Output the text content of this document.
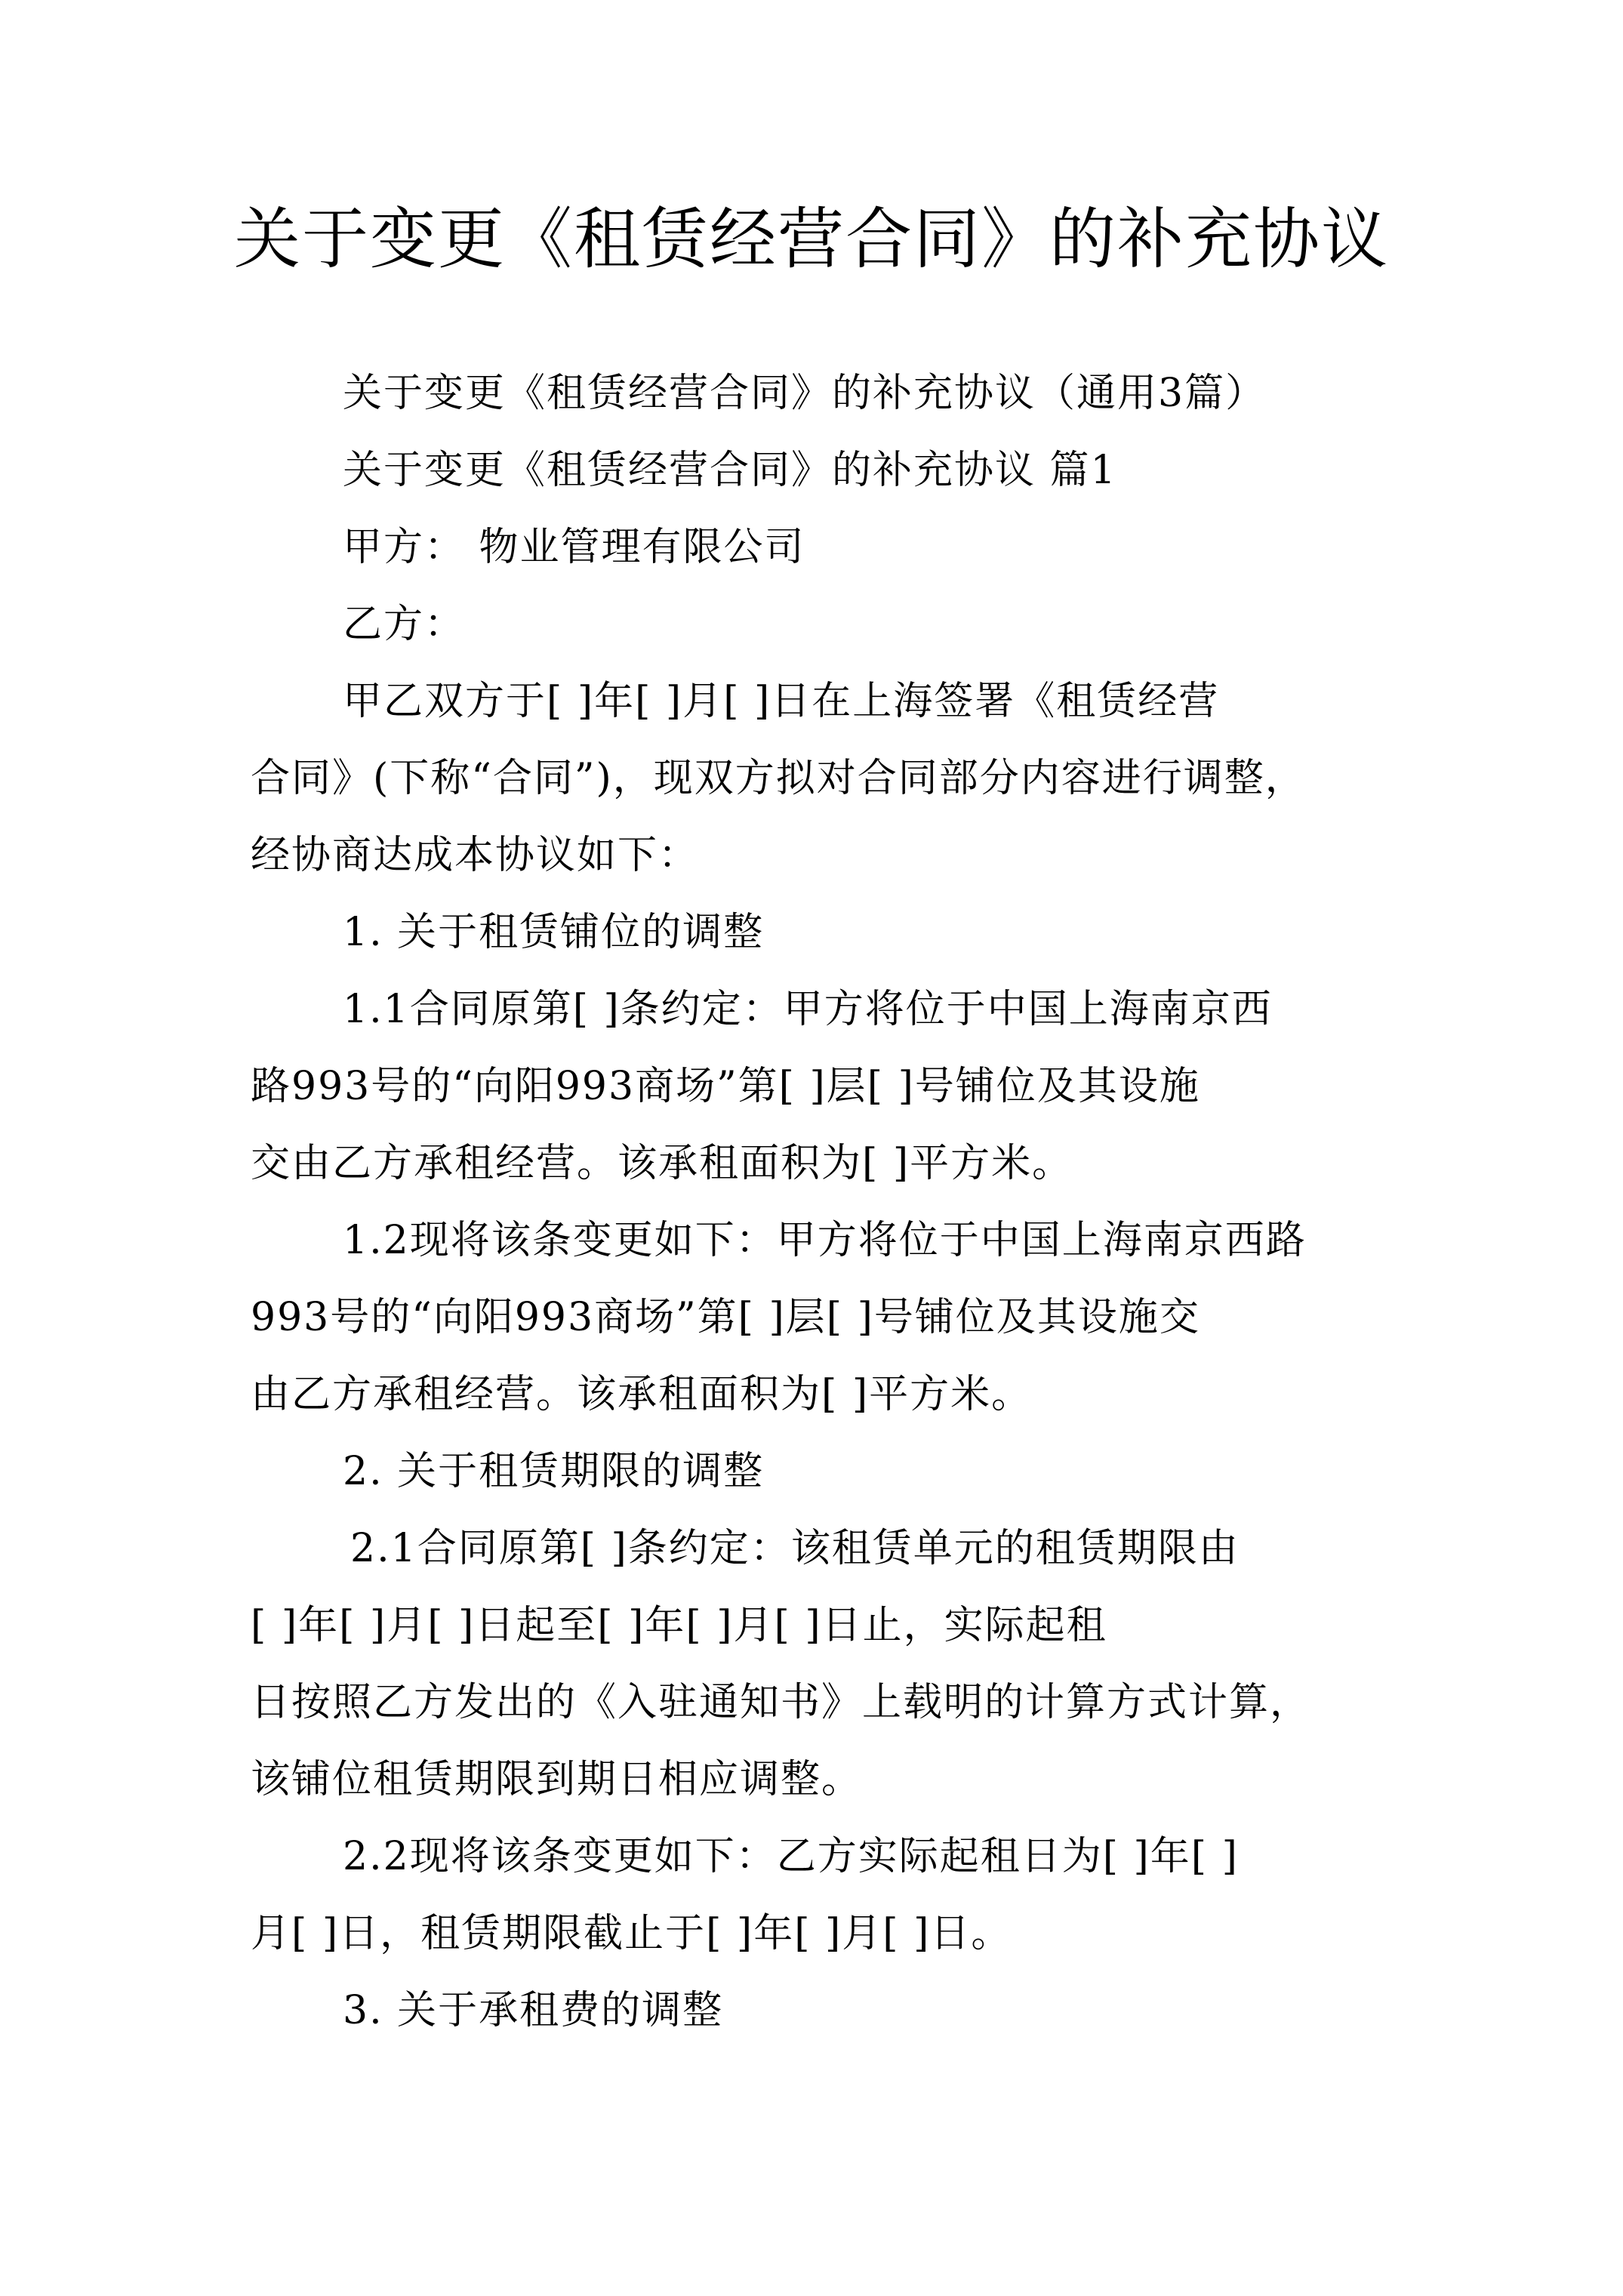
关于变更《租赁经营合同》的补充协议
关于变更《租赁经营合同》的补充协议（通用3篇）
关于变更《租赁经营合同》的补充协议 篇1
甲方： 物业管理有限公司
乙方：
甲乙双方于[ ]年[ ]月[ ]日在上海签署《租赁经营
合同》(下称“合同”)，现双方拟对合同部分内容进行调整，
经协商达成本协议如下：
1. 关于租赁铺位的调整
1.1合同原第[ ]条约定：甲方将位于中国上海南京西
路993号的“向阳993商场”第[ ]层[ ]号铺位及其设施
交由乙方承租经营。该承租面积为[ ]平方米。
1.2现将该条变更如下：甲方将位于中国上海南京西路
993号的“向阳993商场”第[ ]层[ ]号铺位及其设施交
由乙方承租经营。该承租面积为[ ]平方米。
2. 关于租赁期限的调整
2.1合同原第[ ]条约定：该租赁单元的租赁期限由
[ ]年[ ]月[ ]日起至[ ]年[ ]月[ ]日止，实际起租
日按照乙方发出的《入驻通知书》上载明的计算方式计算，
该铺位租赁期限到期日相应调整。
2.2现将该条变更如下：乙方实际起租日为[ ]年[ ]
月[ ]日，租赁期限截止于[ ]年[ ]月[ ]日。
3. 关于承租费的调整
